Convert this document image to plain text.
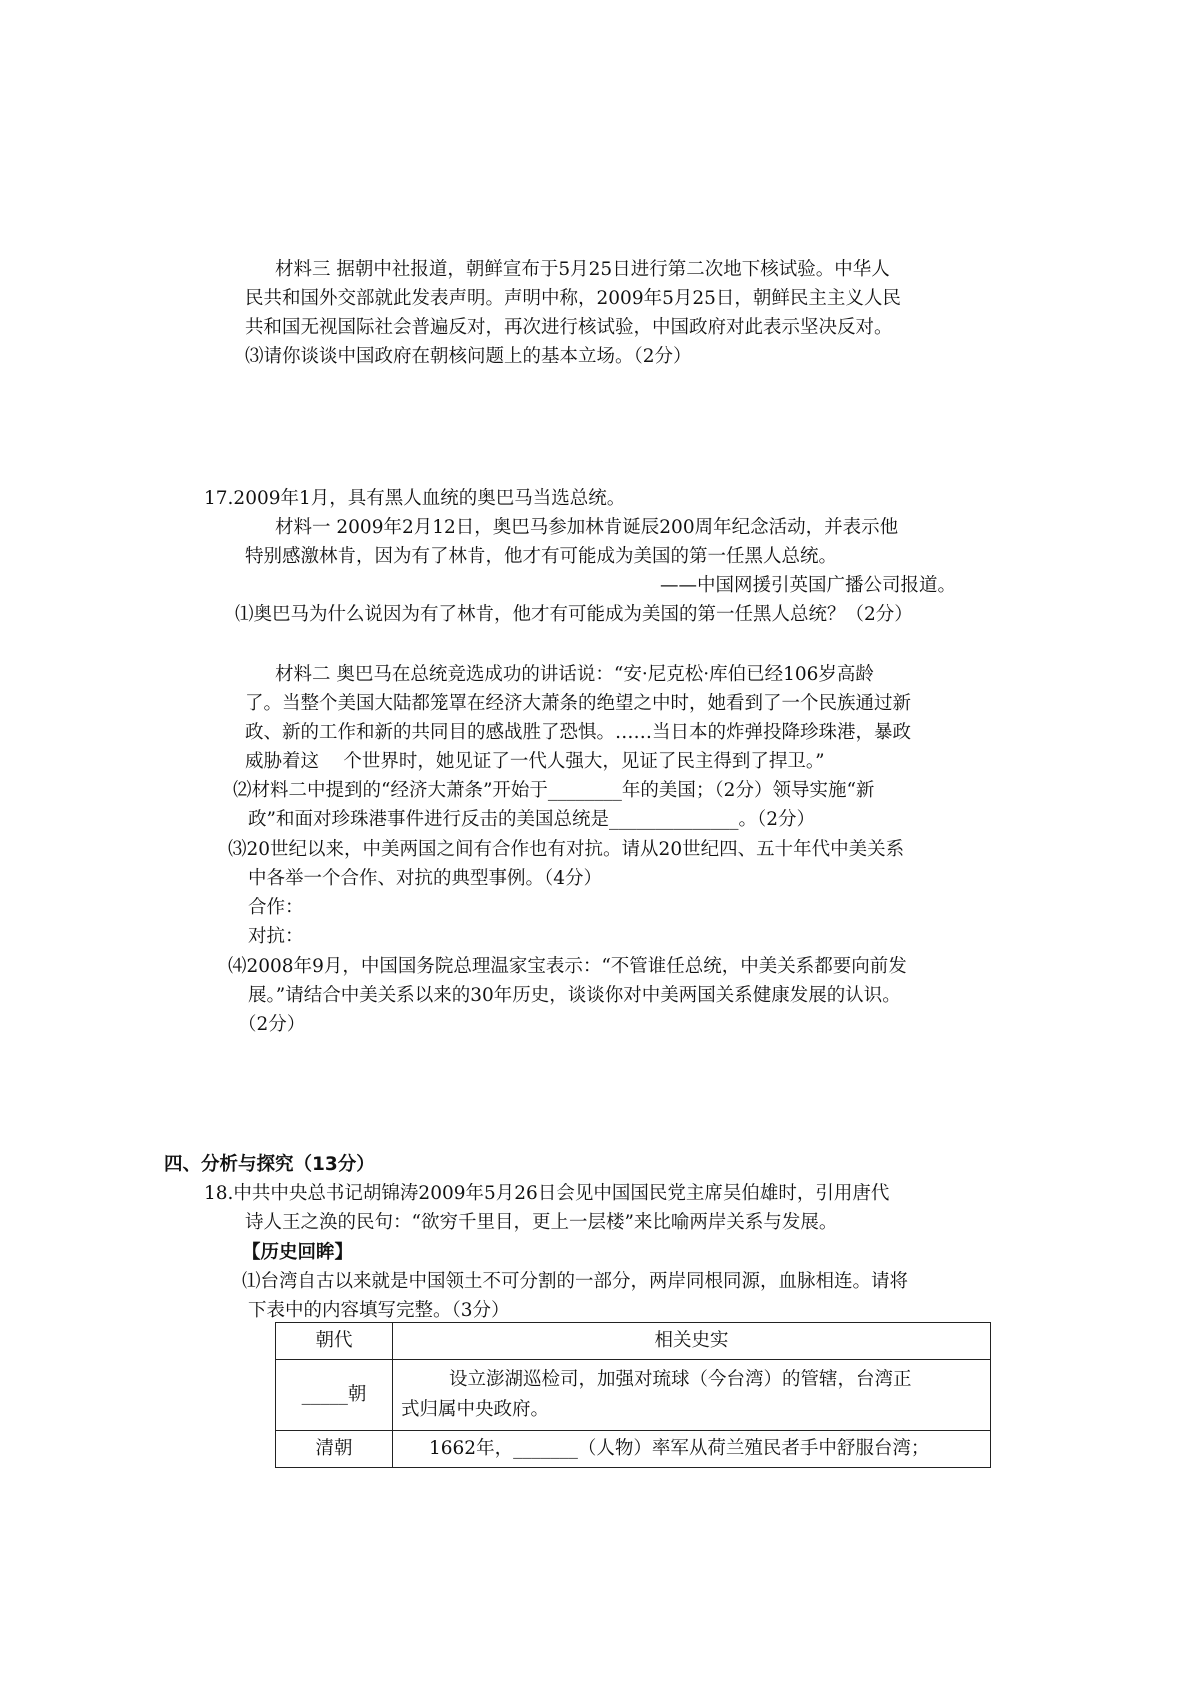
材料三 据朝中社报道，朝鲜宣布于5月25日进行第二次地下核试验。中华人
民共和国外交部就此发表声明。声明中称，2009年5月25日，朝鲜民主主义人民
共和国无视国际社会普遍反对，再次进行核试验，中国政府对此表示坚决反对。
⑶请你谈谈中国政府在朝核问题上的基本立场。（2分）
17.2009年1月，具有黑人血统的奥巴马当选总统。
材料一 2009年2月12日，奥巴马参加林肯诞辰200周年纪念活动，并表示他
特别感激林肯，因为有了林肯，他才有可能成为美国的第一任黑人总统。
——中国网援引英国广播公司报道。
⑴奥巴马为什么说因为有了林肯，他才有可能成为美国的第一任黑人总统？（2分）
材料二 奥巴马在总统竞选成功的讲话说：“安·尼克松·库伯已经106岁高龄
了。当整个美国大陆都笼罩在经济大萧条的绝望之中时，她看到了一个民族通过新
政、新的工作和新的共同目的感战胜了恐惧。……当日本的炸弹投降珍珠港，暴政
威胁着这　 个世界时，她见证了一代人强大，见证了民主得到了捍卫。”
⑵材料二中提到的“经济大萧条”开始于________年的美国；（2分）领导实施“新
政”和面对珍珠港事件进行反击的美国总统是______________。（2分）
⑶20世纪以来，中美两国之间有合作也有对抗。请从20世纪四、五十年代中美关系
中各举一个合作、对抗的典型事例。（4分）
合作：
对抗：
⑷2008年9月，中国国务院总理温家宝表示：“不管谁任总统，中美关系都要向前发
展。”请结合中美关系以来的30年历史，谈谈你对中美两国关系健康发展的认识。
（2分）
四、分析与探究（13分）
18.中共中央总书记胡锦涛2009年5月26日会见中国国民党主席吴伯雄时，引用唐代
诗人王之涣的民句：“欲穷千里目，更上一层楼”来比喻两岸关系与发展。
【历史回眸】
⑴台湾自古以来就是中国领土不可分割的一部分，两岸同根同源，血脉相连。请将
下表中的内容填写完整。（3分）
朝代	相关史实
_____朝	设立澎湖巡检司，加强对琉球（今台湾）的管辖，台湾正
式归属中央政府。

清朝	1662年，_______（人物）率军从荷兰殖民者手中舒服台湾；
